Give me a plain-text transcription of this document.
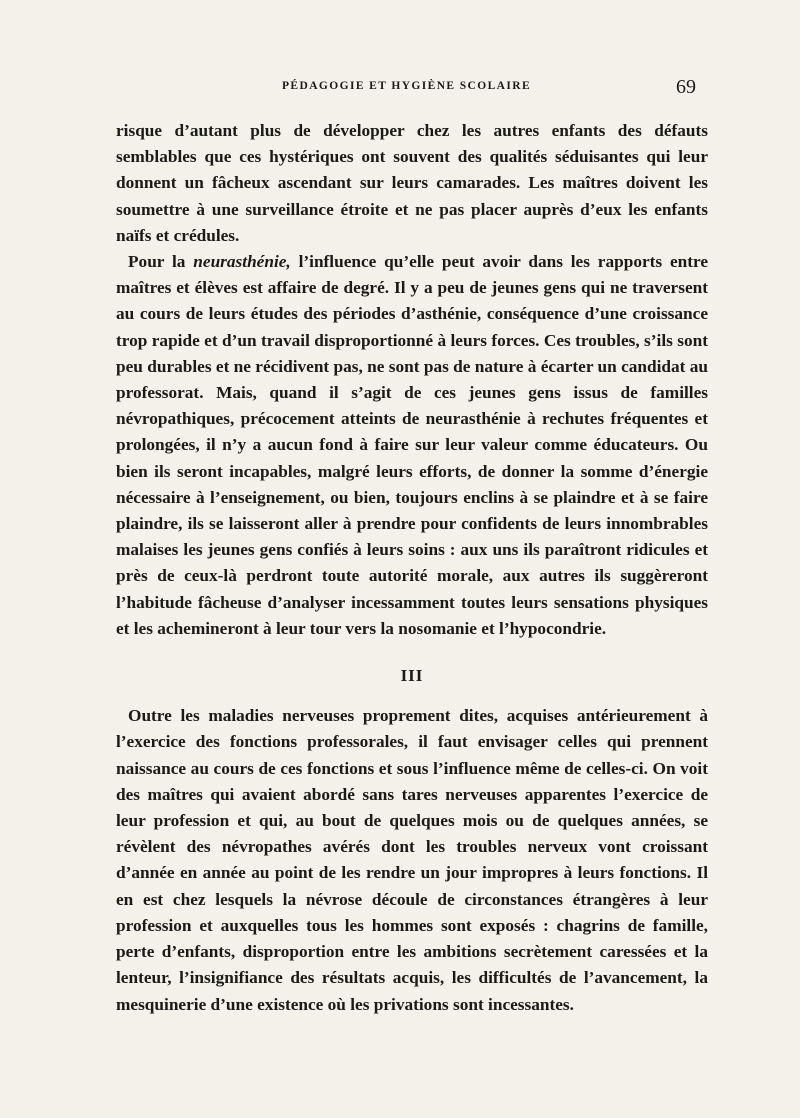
PÉDAGOGIE ET HYGIÈNE SCOLAIRE	69

risque d’autant plus de développer chez les autres enfants des défauts semblables que ces hystériques ont souvent des qualités séduisantes qui leur donnent un fâcheux ascendant sur leurs camarades. Les maîtres doivent les soumettre à une surveillance étroite et ne pas placer auprès d’eux les enfants naïfs et crédules.

Pour la neurasthénie, l’influence qu’elle peut avoir dans les rapports entre maîtres et élèves est affaire de degré. Il y a peu de jeunes gens qui ne traversent au cours de leurs études des périodes d’asthénie, conséquence d’une croissance trop rapide et d’un travail disproportionné à leurs forces. Ces troubles, s’ils sont peu durables et ne récidivent pas, ne sont pas de nature à écarter un candidat au professorat. Mais, quand il s’agit de ces jeunes gens issus de familles névropathiques, précocement atteints de neurasthénie à rechutes fréquentes et prolongées, il n’y a aucun fond à faire sur leur valeur comme éducateurs. Ou bien ils seront incapables, malgré leurs efforts, de donner la somme d’énergie nécessaire à l’enseignement, ou bien, toujours enclins à se plaindre et à se faire plaindre, ils se laisseront aller à prendre pour confidents de leurs innombrables malaises les jeunes gens confiés à leurs soins : aux uns ils paraîtront ridicules et près de ceux-là perdront toute autorité morale, aux autres ils suggèreront l’habitude fâcheuse d’analyser incessamment toutes leurs sensations physiques et les achemineront à leur tour vers la nosomanie et l’hypocondrie.

III

Outre les maladies nerveuses proprement dites, acquises antérieurement à l’exercice des fonctions professorales, il faut envisager celles qui prennent naissance au cours de ces fonctions et sous l’influence même de celles-ci. On voit des maîtres qui avaient abordé sans tares nerveuses apparentes l’exercice de leur profession et qui, au bout de quelques mois ou de quelques années, se révèlent des névropathes avérés dont les troubles nerveux vont croissant d’année en année au point de les rendre un jour impropres à leurs fonctions. Il en est chez lesquels la névrose découle de circonstances étrangères à leur profession et auxquelles tous les hommes sont exposés : chagrins de famille, perte d’enfants, disproportion entre les ambitions secrètement caressées et la lenteur, l’insignifiance des résultats acquis, les difficultés de l’avancement, la mesquinerie d’une existence où les privations sont incessantes.
